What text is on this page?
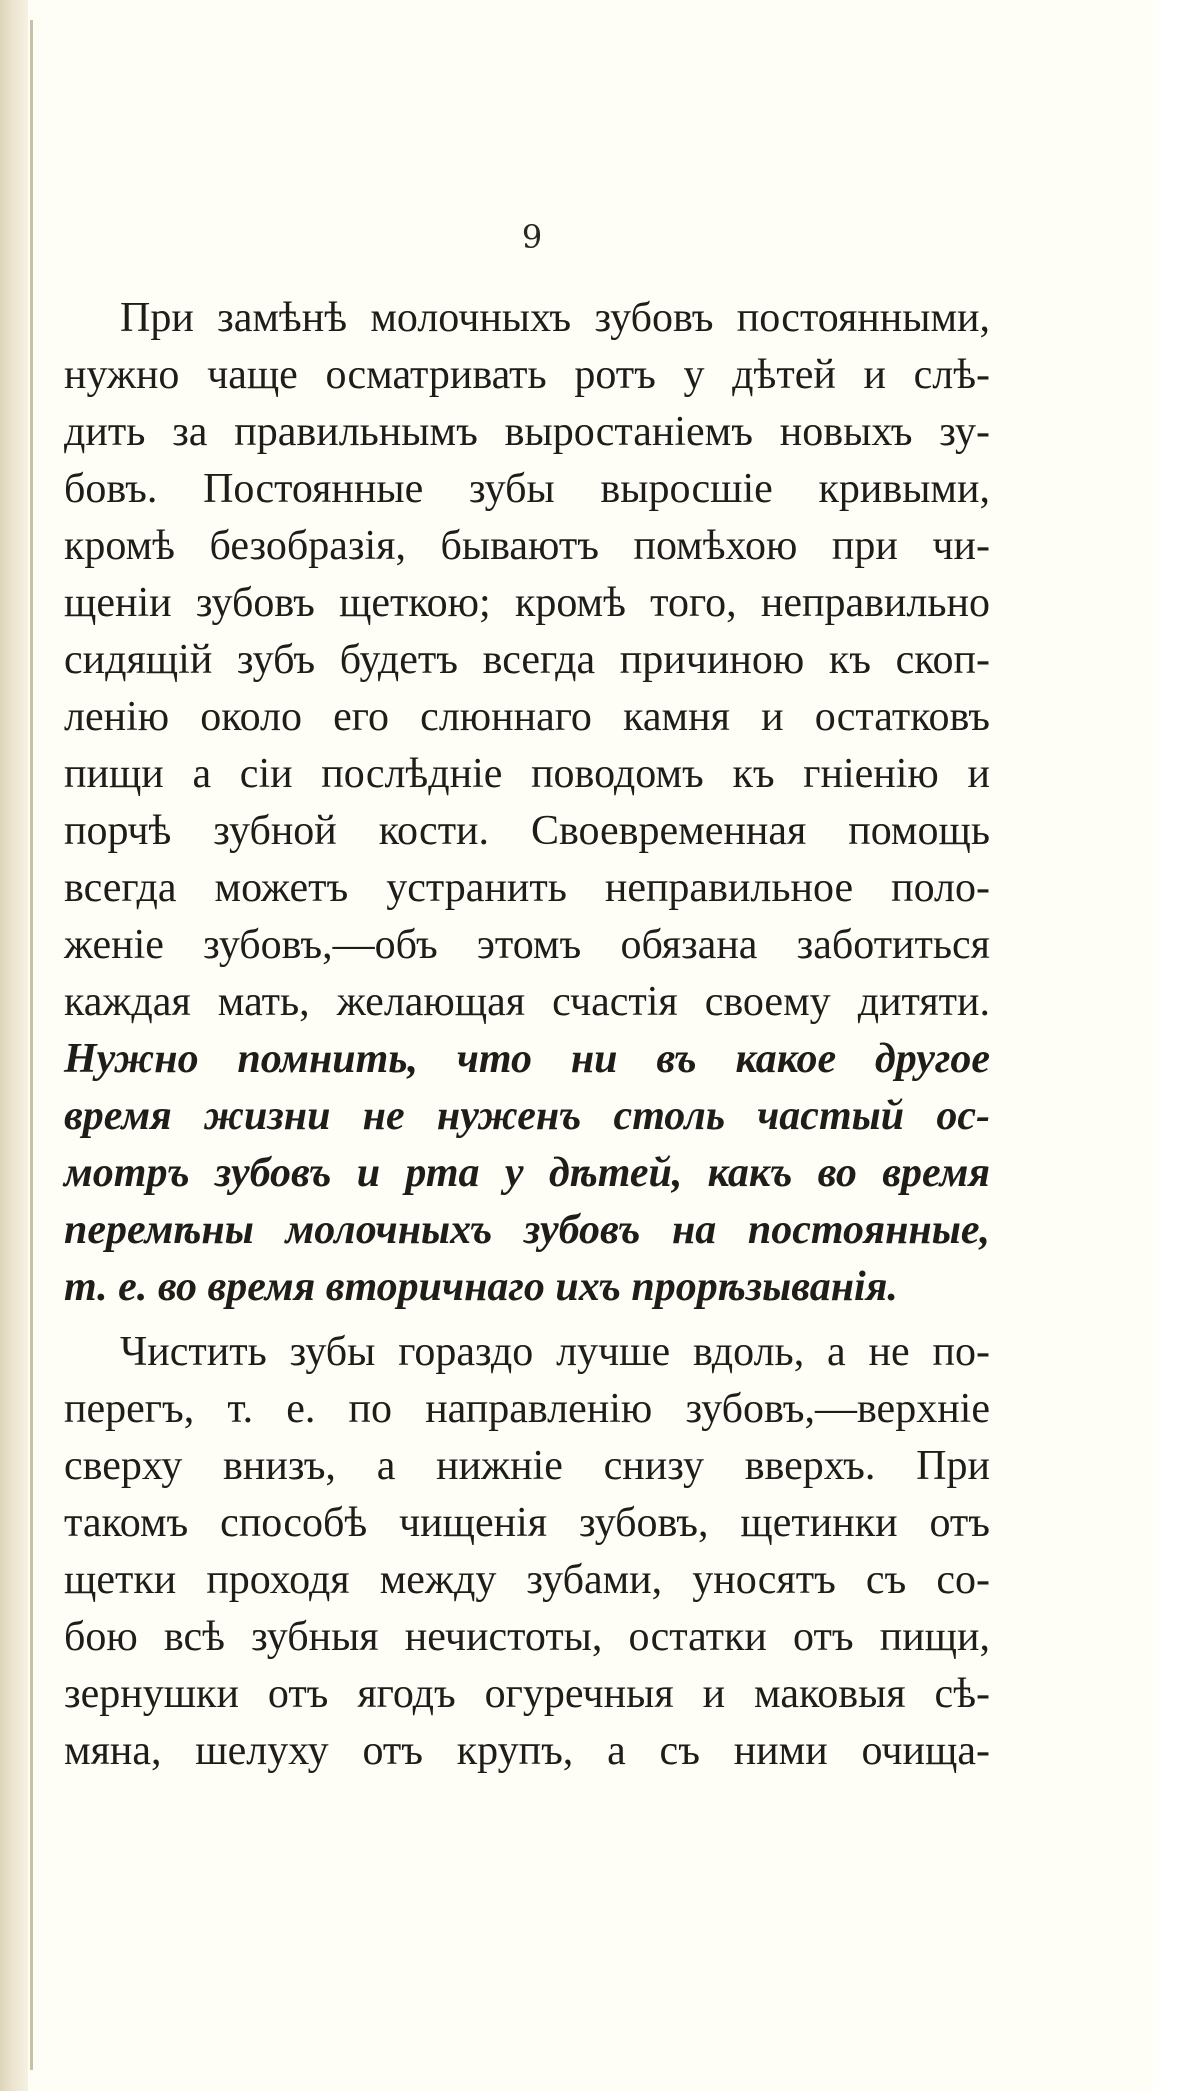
9
При замѣнѣ молочныхъ зубовъ постоянными,
нужно чаще осматривать ротъ у дѣтей и слѣ-
дить за правильнымъ выростаніемъ новыхъ зу-
бовъ. Постоянные зубы выросшіе кривыми,
кромѣ безобразія, бываютъ помѣхою при чи-
щеніи зубовъ щеткою; кромѣ того, неправильно
сидящій зубъ будетъ всегда причиною къ скоп-
ленію около его слюннаго камня и остатковъ
пищи а сіи послѣдніе поводомъ къ гніенію и
порчѣ зубной кости. Своевременная помощь
всегда можетъ устранить неправильное поло-
женіе зубовъ,—объ этомъ обязана заботиться
каждая мать, желающая счастія своему дитяти.
Нужно помнить, что ни въ какое другое
время жизни не нуженъ столь частый ос-
мотръ зубовъ и рта у дѣтей, какъ во время
перемѣны молочныхъ зубовъ на постоянные,
т. е. во время вторичнаго ихъ прорѣзыванія.
Чистить зубы гораздо лучше вдоль, а не по-
перегъ, т. е. по направленію зубовъ,—верхніе
сверху внизъ, а нижніе снизу вверхъ. При
такомъ способѣ чищенія зубовъ, щетинки отъ
щетки проходя между зубами, уносятъ съ со-
бою всѣ зубныя нечистоты, остатки отъ пищи,
зернушки отъ ягодъ огуречныя и маковыя сѣ-
мяна, шелуху отъ крупъ, а съ ними очища-
